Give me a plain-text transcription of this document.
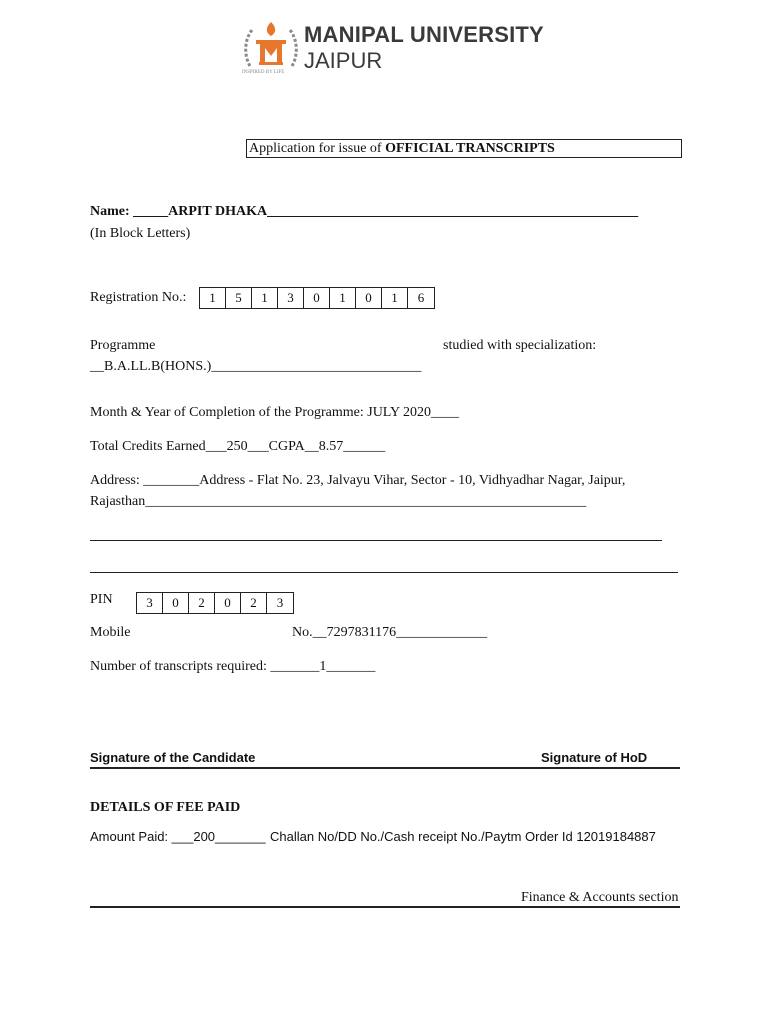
MANIPAL UNIVERSITY
JAIPUR
INSPIRED BY LIFE
Application for issue of OFFICIAL TRANSCRIPTS
Name: _____ARPIT DHAKA_____________________________________________________
(In Block Letters)
Registration No.:	1	5	1	3	0	1	0	1	6
Programme	studied with specialization:
__B.A.LL.B(HONS.)______________________________
Month & Year of Completion of the Programme: JULY 2020____
Total Credits Earned___250___CGPA__8.57______
Address: ________Address - Flat No. 23, Jalvayu Vihar, Sector - 10, Vidhyadhar Nagar, Jaipur,
Rajasthan_______________________________________________________________
PIN	3	0	2	0	2	3
Mobile	No.__7297831176_____________
Number of transcripts required: _______1_______
Signature of the Candidate	Signature of HoD
DETAILS OF FEE PAID
Amount Paid: ___200_______ Challan No/DD No./Cash receipt No./Paytm Order Id 12019184887
Finance & Accounts section
